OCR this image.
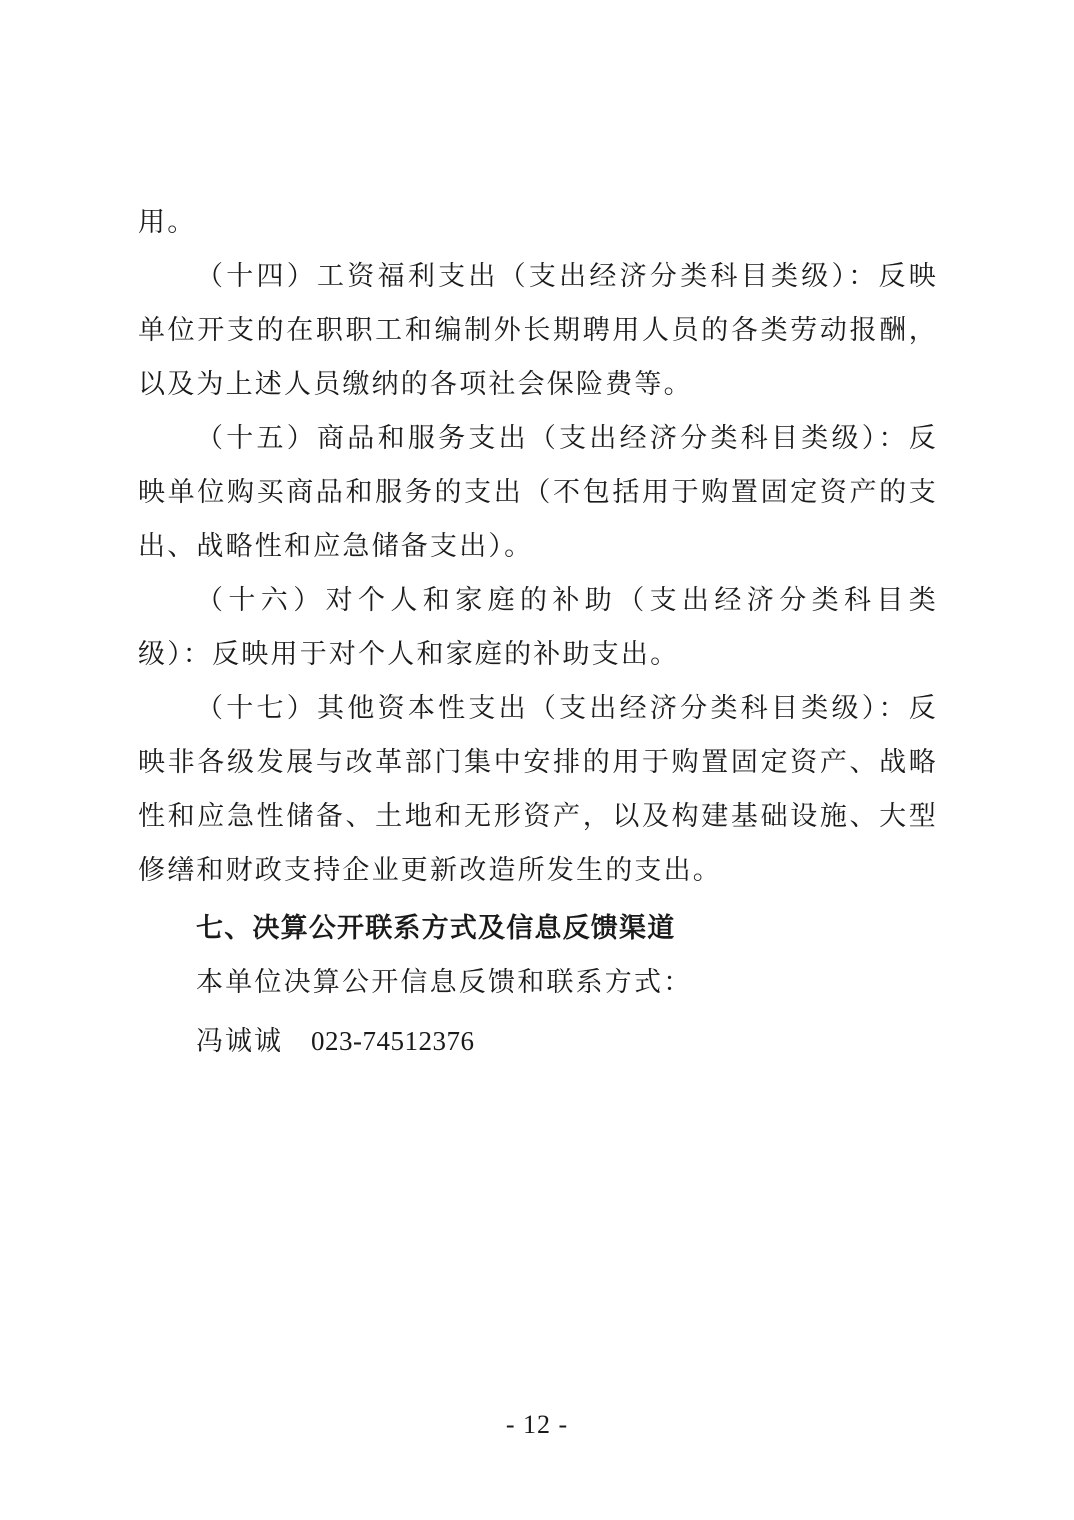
用。

（十四）工资福利支出（支出经济分类科目类级）：反映单位开支的在职职工和编制外长期聘用人员的各类劳动报酬，以及为上述人员缴纳的各项社会保险费等。

（十五）商品和服务支出（支出经济分类科目类级）：反映单位购买商品和服务的支出（不包括用于购置固定资产的支出、战略性和应急储备支出）。

（十六）对个人和家庭的补助（支出经济分类科目类级）：反映用于对个人和家庭的补助支出。

（十七）其他资本性支出（支出经济分类科目类级）：反映非各级发展与改革部门集中安排的用于购置固定资产、战略性和应急性储备、土地和无形资产，以及构建基础设施、大型修缮和财政支持企业更新改造所发生的支出。

七、决算公开联系方式及信息反馈渠道

本单位决算公开信息反馈和联系方式：

冯诚诚 023-74512376

- 12 -
